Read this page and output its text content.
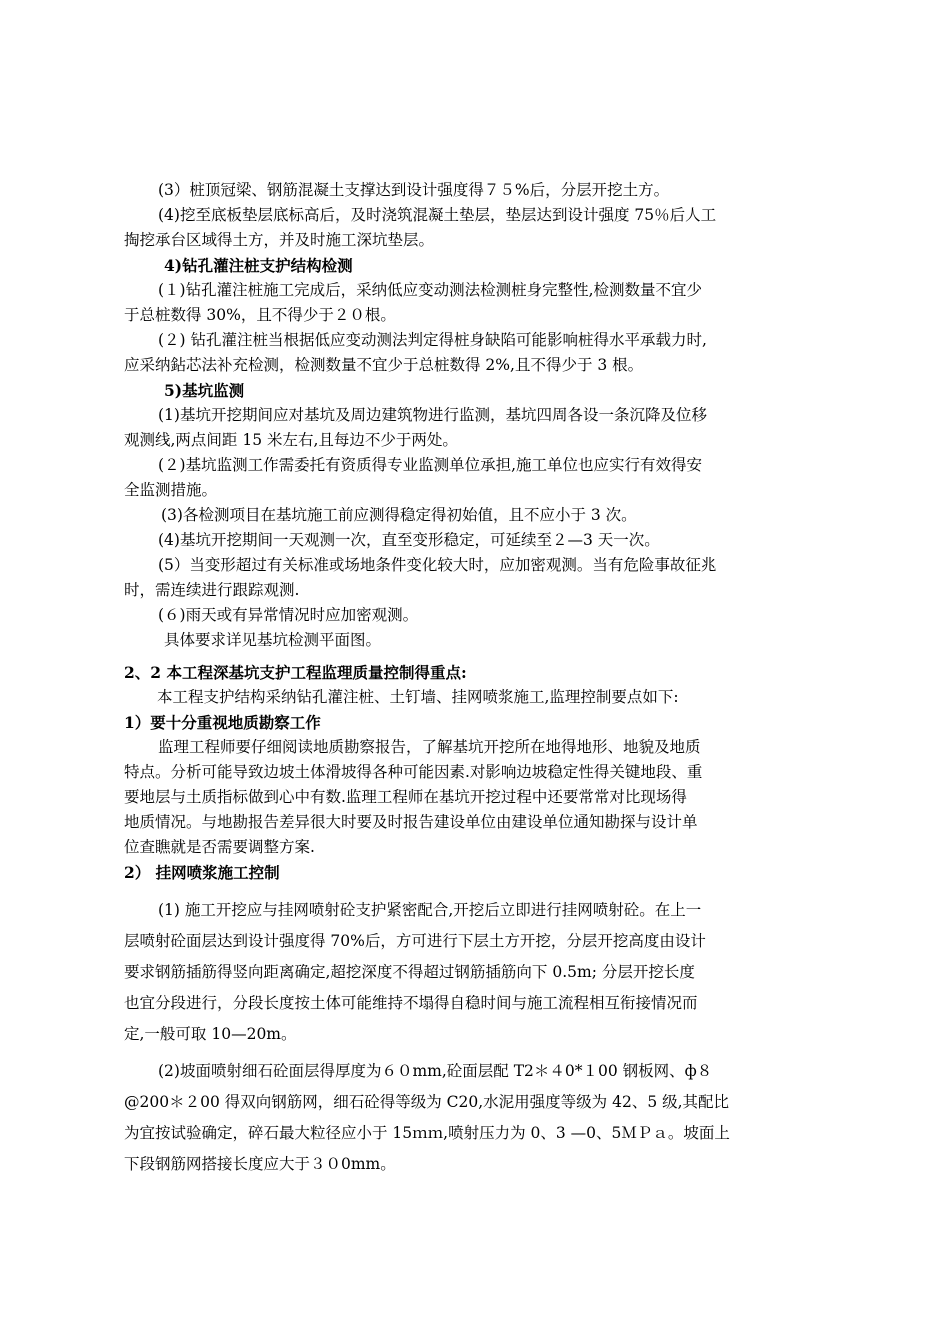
(3）桩顶冠梁、钢筋混凝土支撑达到设计强度得７５%后，分层开挖土方。
(4)挖至底板垫层底标高后，及时浇筑混凝土垫层，垫层达到设计强度 75％后人工
掏挖承台区域得土方，并及时施工深坑垫层。
4)钻孔灌注桩支护结构检测
(１)钻孔灌注桩施工完成后，采纳低应变动测法检测桩身完整性,检测数量不宜少
于总桩数得 30%，且不得少于２０根。
(２) 钻孔灌注桩当根据低应变动测法判定得桩身缺陷可能影响桩得水平承载力时,
应采纳鉆芯法补充检测，检测数量不宜少于总桩数得 2%,且不得少于 3 根。
5)基坑监测
(1)基坑开挖期间应对基坑及周边建筑物进行监测，基坑四周各设一条沉降及位移
观测线,两点间距 15 米左右,且每边不少于两处。
(２)基坑监测工作需委托有资质得专业监测单位承担,施工单位也应实行有效得安
全监测措施。
(3)各检测项目在基坑施工前应测得稳定得初始值，且不应小于 3 次。
(4)基坑开挖期间一天观测一次，直至变形稳定，可延续至２—3 天一次。
(5）当变形超过有关标准或场地条件变化较大时，应加密观测。当有危险事故征兆
时，需连续进行跟踪观测.
(６)雨天或有异常情况时应加密观测。
具体要求详见基坑检测平面图。
2、2 本工程深基坑支护工程监理质量控制得重点:
本工程支护结构采纳钻孔灌注桩、土钉墙、挂网喷浆施工,监理控制要点如下:
1）要十分重视地质勘察工作
监理工程师要仔细阅读地质勘察报告，了解基坑开挖所在地得地形、地貌及地质
特点。分析可能导致边坡土体滑坡得各种可能因素.对影响边坡稳定性得关键地段、重
要地层与土质指标做到心中有数.监理工程师在基坑开挖过程中还要常常对比现场得
地质情况。与地勘报告差异很大时要及时报告建设单位由建设单位通知勘探与设计单
位查瞧就是否需要调整方案.
2） 挂网喷浆施工控制
(1) 施工开挖应与挂网喷射砼支护紧密配合,开挖后立即进行挂网喷射砼。在上一
层喷射砼面层达到设计强度得 70%后，方可进行下层土方开挖，分层开挖高度由设计
要求钢筋插筋得竖向距离确定,超挖深度不得超过钢筋插筋向下 0.5m; 分层开挖长度
也宜分段进行，分段长度按土体可能维持不塌得自稳时间与施工流程相互衔接情况而
定,一般可取 10—20m。
(2)坡面喷射细石砼面层得厚度为６０mm,砼面层配 T2＊４0*１00 钢板网、ф８
@200＊２00 得双向钢筋网，细石砼得等级为 C20,水泥用强度等级为 42、5 级,其配比
为宜按试验确定，碎石最大粒径应小于 15ｍｍ,喷射压力为 0、3 —0、5ＭＰａ。坡面上
下段钢筋网搭接长度应大于３０0mm。
